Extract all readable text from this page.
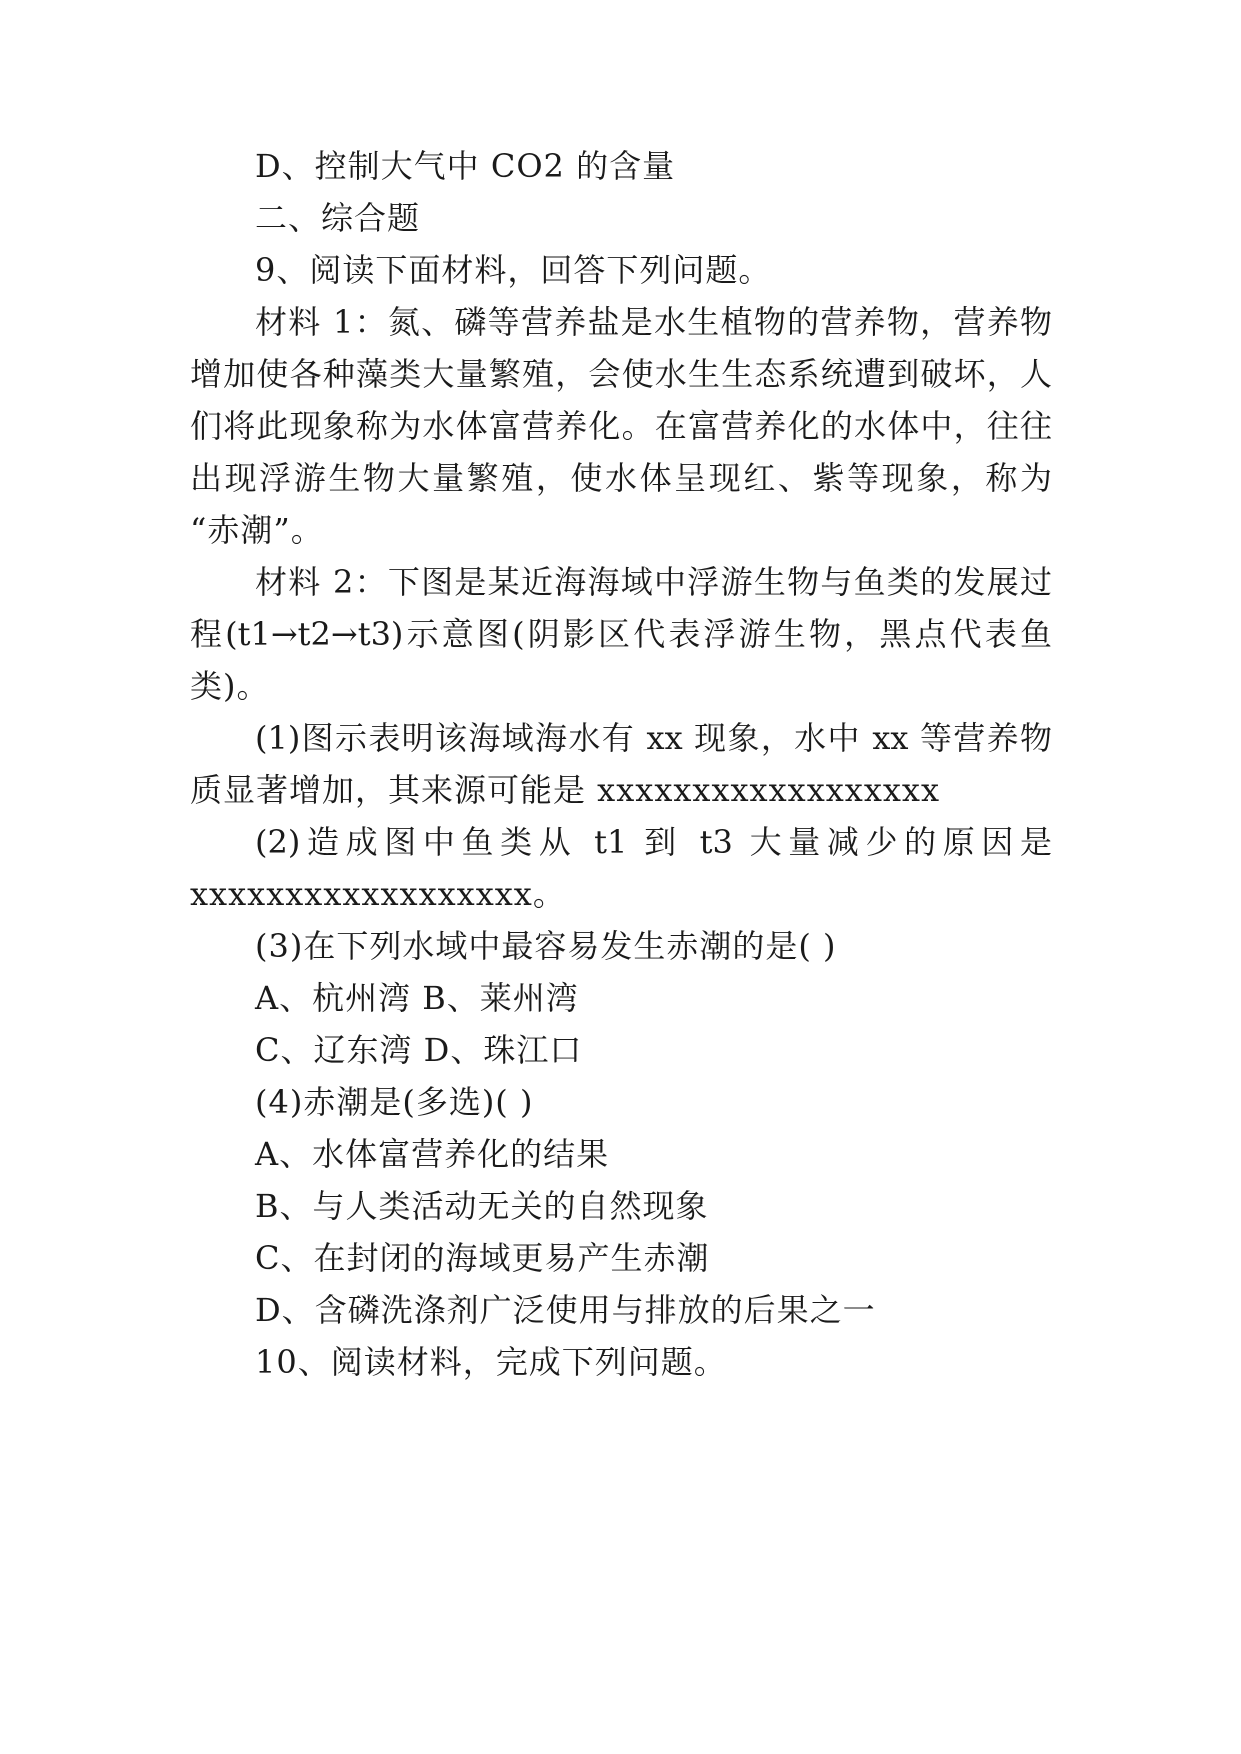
D、控制大气中 CO2 的含量
二、综合题
9、阅读下面材料，回答下列问题。
材料 1：氮、磷等营养盐是水生植物的营养物，营养物
增加使各种藻类大量繁殖，会使水生生态系统遭到破坏，人
们将此现象称为水体富营养化。在富营养化的水体中，往往
出现浮游生物大量繁殖，使水体呈现红、紫等现象，称为
“赤潮”。
材料 2：下图是某近海海域中浮游生物与鱼类的发展过
程(t1→t2→t3)示意图(阴影区代表浮游生物，黑点代表鱼
类)。
(1)图示表明该海域海水有 xx 现象，水中 xx 等营养物
质显著增加，其来源可能是 xxxxxxxxxxxxxxxxxx
(2)造成图中鱼类从 t1 到 t3 大量减少的原因是
xxxxxxxxxxxxxxxxxx。
(3)在下列水域中最容易发生赤潮的是( )
A、杭州湾 B、莱州湾
C、辽东湾 D、珠江口
(4)赤潮是(多选)( )
A、水体富营养化的结果
B、与人类活动无关的自然现象
C、在封闭的海域更易产生赤潮
D、含磷洗涤剂广泛使用与排放的后果之一
10、阅读材料，完成下列问题。
